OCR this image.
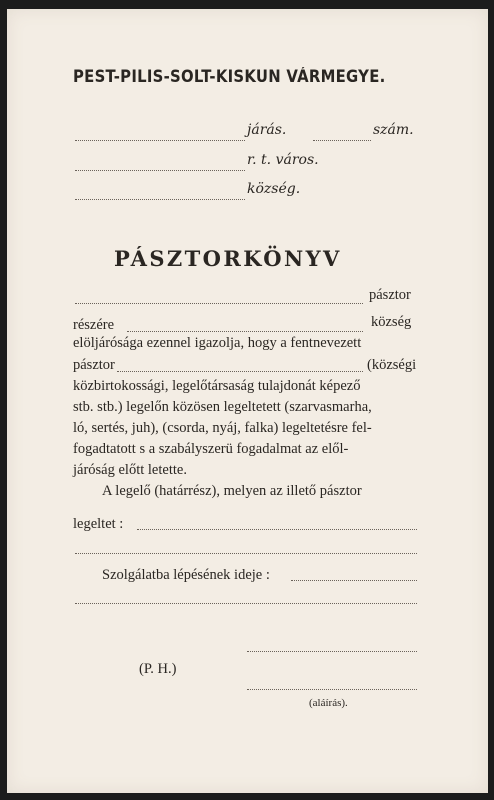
PEST-PILIS-SOLT-KISKUN VÁRMEGYE.
járás.	szám.
r. t. város.
község.
PÁSZTORKÖNYV
pásztor
részére	község
elöljárósága ezennel igazolja, hogy a fentnevezett
pásztor	(községi
közbirtokossági, legelőtársaság tulajdonát képező
stb. stb.) legelőn közösen legeltetett (szarvasmarha,
ló, sertés, juh), (csorda, nyáj, falka) legeltetésre fel-
fogadtatott s a szabályszerü fogadalmat az elől-
járóság előtt letette.
A legelő (határrész), melyen az illető pásztor
legeltet :
Szolgálatba lépésének ideje :
(P. H.)
(aláírás).
